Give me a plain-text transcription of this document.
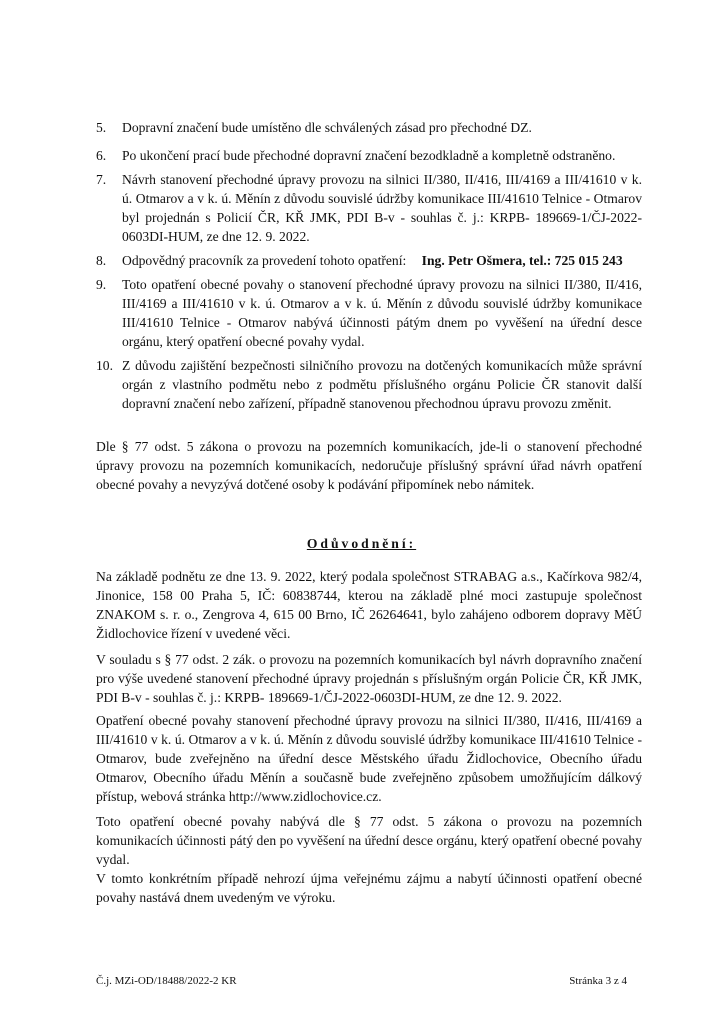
5.	Dopravní značení bude umístěno dle schválených zásad pro přechodné DZ.
6.	Po ukončení prací bude přechodné dopravní značení bezodkladně a kompletně odstraněno.
7.	Návrh stanovení přechodné úpravy provozu na silnici II/380, II/416, III/4169 a III/41610 v k. ú. Otmarov a v k. ú. Měnín z důvodu souvislé údržby komunikace III/41610 Telnice - Otmarov byl projednán s Policií ČR, KŘ JMK, PDI B-v - souhlas č. j.: KRPB- 189669-1/ČJ-2022-0603DI-HUM, ze dne 12. 9. 2022.
8.	Odpovědný pracovník za provedení tohoto opatření: Ing. Petr Ošmera, tel.: 725 015 243
9.	Toto opatření obecné povahy o stanovení přechodné úpravy provozu na silnici II/380, II/416, III/4169 a III/41610 v k. ú. Otmarov a v k. ú. Měnín z důvodu souvislé údržby komunikace III/41610 Telnice - Otmarov nabývá účinnosti pátým dnem po vyvěšení na úřední desce orgánu, který opatření obecné povahy vydal.
10. Z důvodu zajištění bezpečnosti silničního provozu na dotčených komunikacích může správní orgán z vlastního podmětu nebo z podmětu příslušného orgánu Policie ČR stanovit další dopravní značení nebo zařízení, případně stanovenou přechodnou úpravu provozu změnit.
Dle § 77 odst. 5 zákona o provozu na pozemních komunikacích, jde-li o stanovení přechodné úpravy provozu na pozemních komunikacích, nedoručuje příslušný správní úřad návrh opatření obecné povahy a nevyzývá dotčené osoby k podávání připomínek nebo námitek.
Odůvodnění:
Na základě podnětu ze dne 13. 9. 2022, který podala společnost STRABAG a.s., Kačírkova 982/4, Jinonice, 158 00 Praha 5, IČ: 60838744, kterou na základě plné moci zastupuje společnost ZNAKOM s. r. o., Zengrova 4, 615 00 Brno, IČ 26264641, bylo zahájeno odborem dopravy MěÚ Židlochovice řízení v uvedené věci.
V souladu s § 77 odst. 2 zák. o provozu na pozemních komunikacích byl návrh dopravního značení pro výše uvedené stanovení přechodné úpravy projednán s příslušným orgán Policie ČR, KŘ JMK, PDI B-v - souhlas č. j.: KRPB- 189669-1/ČJ-2022-0603DI-HUM, ze dne 12. 9. 2022.
Opatření obecné povahy stanovení přechodné úpravy provozu na silnici II/380, II/416, III/4169 a III/41610 v k. ú. Otmarov a v k. ú. Měnín z důvodu souvislé údržby komunikace III/41610 Telnice - Otmarov, bude zveřejněno na úřední desce Městského úřadu Židlochovice, Obecního úřadu Otmarov, Obecního úřadu Měnín a současně bude zveřejněno způsobem umožňujícím dálkový přístup, webová stránka http://www.zidlochovice.cz.
Toto opatření obecné povahy nabývá dle § 77 odst. 5 zákona o provozu na pozemních komunikacích účinnosti pátý den po vyvěšení na úřední desce orgánu, který opatření obecné povahy vydal.
V tomto konkrétním případě nehrozí újma veřejnému zájmu a nabytí účinnosti opatření obecné povahy nastává dnem uvedeným ve výroku.
Č.j. MZi-OD/18488/2022-2 KR	Stránka 3 z 4
